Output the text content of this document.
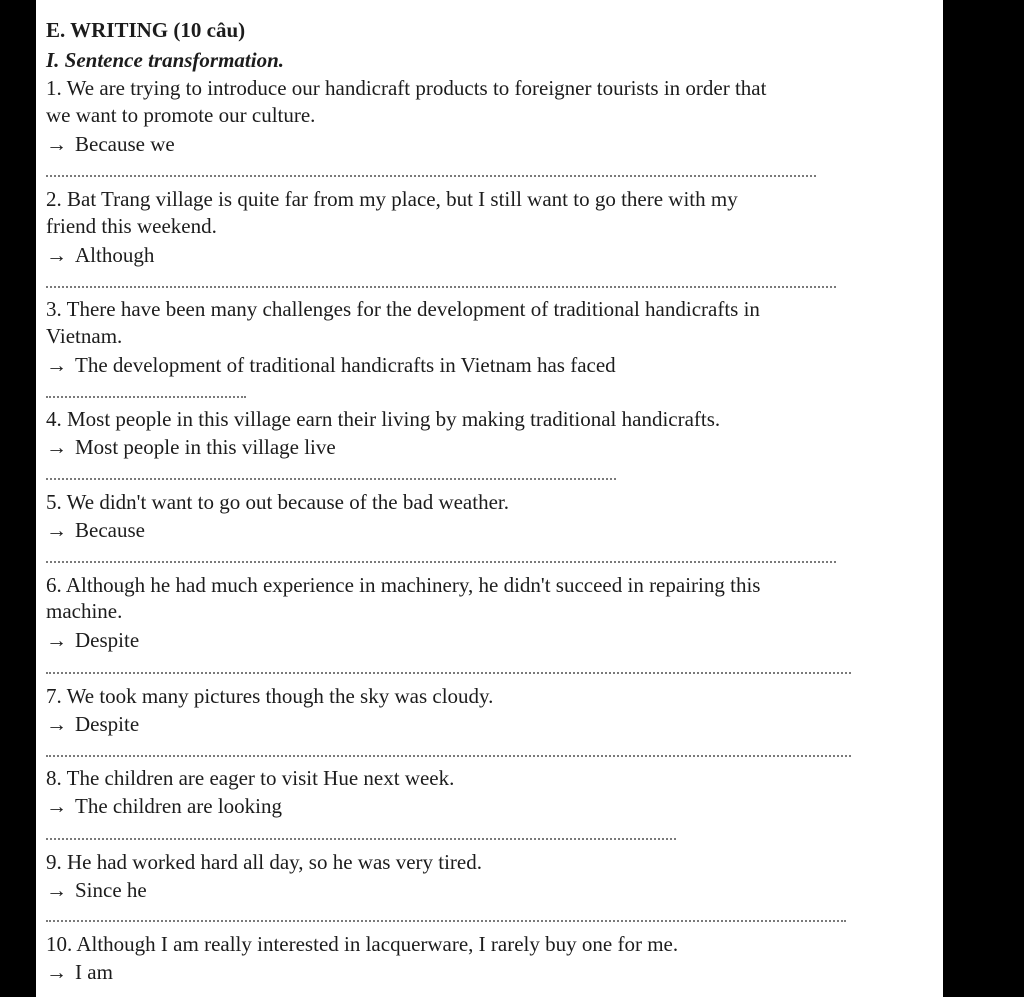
E. WRITING (10 câu)
I. Sentence transformation.
1. We are trying to introduce our handicraft products to foreigner tourists in order that
we want to promote our culture.
→ Because we
2. Bat Trang village is quite far from my place, but I still want to go there with my
friend this weekend.
→ Although
3. There have been many challenges for the development of traditional handicrafts in
Vietnam.
→ The development of traditional handicrafts in Vietnam has faced
4. Most people in this village earn their living by making traditional handicrafts.
→ Most people in this village live
5. We didn't want to go out because of the bad weather.
→ Because
6. Although he had much experience in machinery, he didn't succeed in repairing this
machine.
→ Despite
7. We took many pictures though the sky was cloudy.
→ Despite
8. The children are eager to visit Hue next week.
→ The children are looking
9. He had worked hard all day, so he was very tired.
→ Since he
10. Although I am really interested in lacquerware, I rarely buy one for me.
→ I am
